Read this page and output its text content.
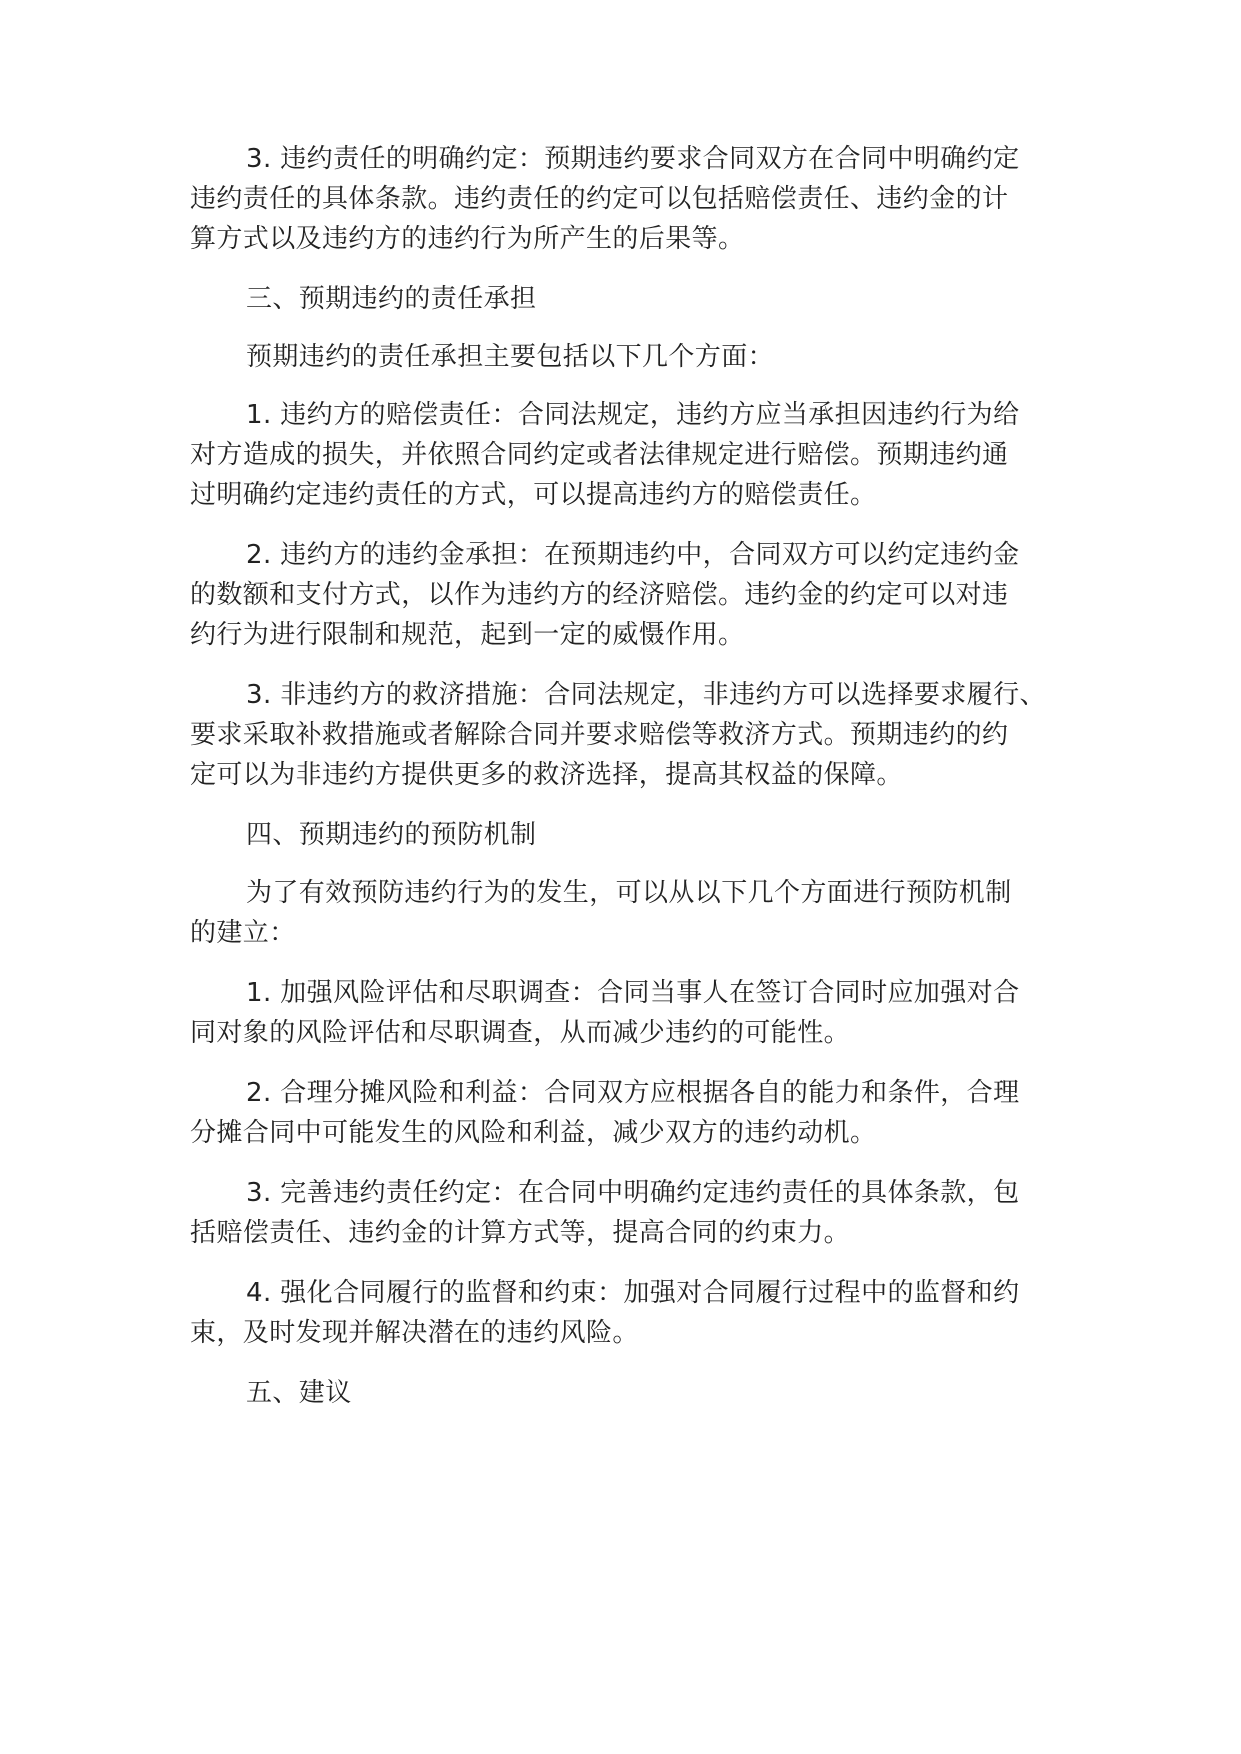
3. 违约责任的明确约定：预期违约要求合同双方在合同中明确约定

违约责任的具体条款。违约责任的约定可以包括赔偿责任、违约金的计

算方式以及违约方的违约行为所产生的后果等。

三、预期违约的责任承担

预期违约的责任承担主要包括以下几个方面：

1. 违约方的赔偿责任：合同法规定，违约方应当承担因违约行为给

对方造成的损失，并依照合同约定或者法律规定进行赔偿。预期违约通

过明确约定违约责任的方式，可以提高违约方的赔偿责任。

2. 违约方的违约金承担：在预期违约中，合同双方可以约定违约金

的数额和支付方式，以作为违约方的经济赔偿。违约金的约定可以对违

约行为进行限制和规范，起到一定的威慑作用。

3. 非违约方的救济措施：合同法规定，非违约方可以选择要求履行、

要求采取补救措施或者解除合同并要求赔偿等救济方式。预期违约的约

定可以为非违约方提供更多的救济选择，提高其权益的保障。

四、预期违约的预防机制

为了有效预防违约行为的发生，可以从以下几个方面进行预防机制

的建立：

1. 加强风险评估和尽职调查：合同当事人在签订合同时应加强对合

同对象的风险评估和尽职调查，从而减少违约的可能性。

2. 合理分摊风险和利益：合同双方应根据各自的能力和条件，合理

分摊合同中可能发生的风险和利益，减少双方的违约动机。

3. 完善违约责任约定：在合同中明确约定违约责任的具体条款，包

括赔偿责任、违约金的计算方式等，提高合同的约束力。

4. 强化合同履行的监督和约束：加强对合同履行过程中的监督和约

束，及时发现并解决潜在的违约风险。

五、建议
